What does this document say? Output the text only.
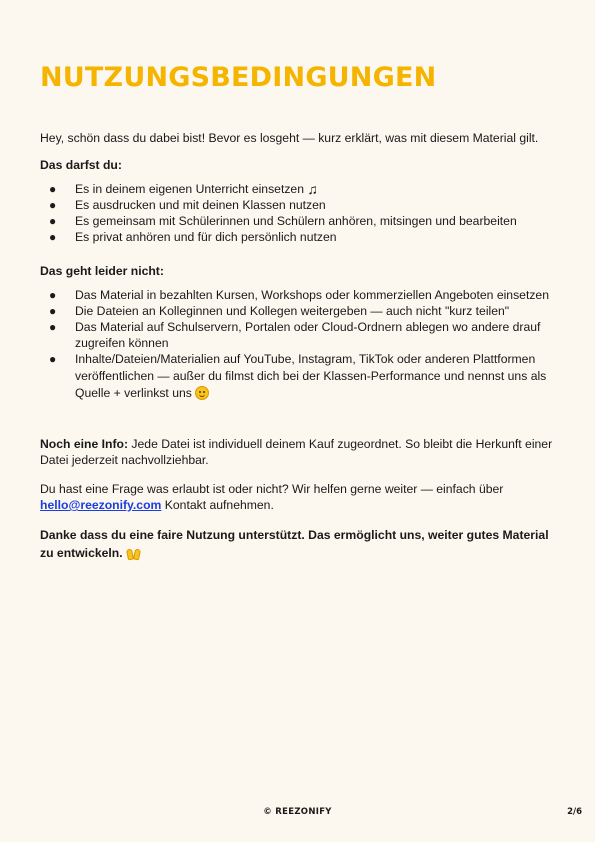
NUTZUNGSBEDINGUNGEN

Hey, schön dass du dabei bist! Bevor es losgeht — kurz erklärt, was mit diesem Material gilt.

Das darfst du:

● Es in deinem eigenen Unterricht einsetzen ♫
● Es ausdrucken und mit deinen Klassen nutzen
● Es gemeinsam mit Schülerinnen und Schülern anhören, mitsingen und bearbeiten
● Es privat anhören und für dich persönlich nutzen

Das geht leider nicht:

● Das Material in bezahlten Kursen, Workshops oder kommerziellen Angeboten einsetzen
● Die Dateien an Kolleginnen und Kollegen weitergeben — auch nicht "kurz teilen"
● Das Material auf Schulservern, Portalen oder Cloud-Ordnern ablegen wo andere drauf zugreifen können
● Inhalte/Dateien/Materialien auf YouTube, Instagram, TikTok oder anderen Plattformen veröffentlichen — außer du filmst dich bei der Klassen-Performance und nennst uns als Quelle + verlinkst uns

Noch eine Info: Jede Datei ist individuell deinem Kauf zugeordnet. So bleibt die Herkunft einer Datei jederzeit nachvollziehbar.

Du hast eine Frage was erlaubt ist oder nicht? Wir helfen gerne weiter — einfach über hello@reezonify.com Kontakt aufnehmen.

Danke dass du eine faire Nutzung unterstützt. Das ermöglicht uns, weiter gutes Material zu entwickeln.

© REEZONIFY	2/6
